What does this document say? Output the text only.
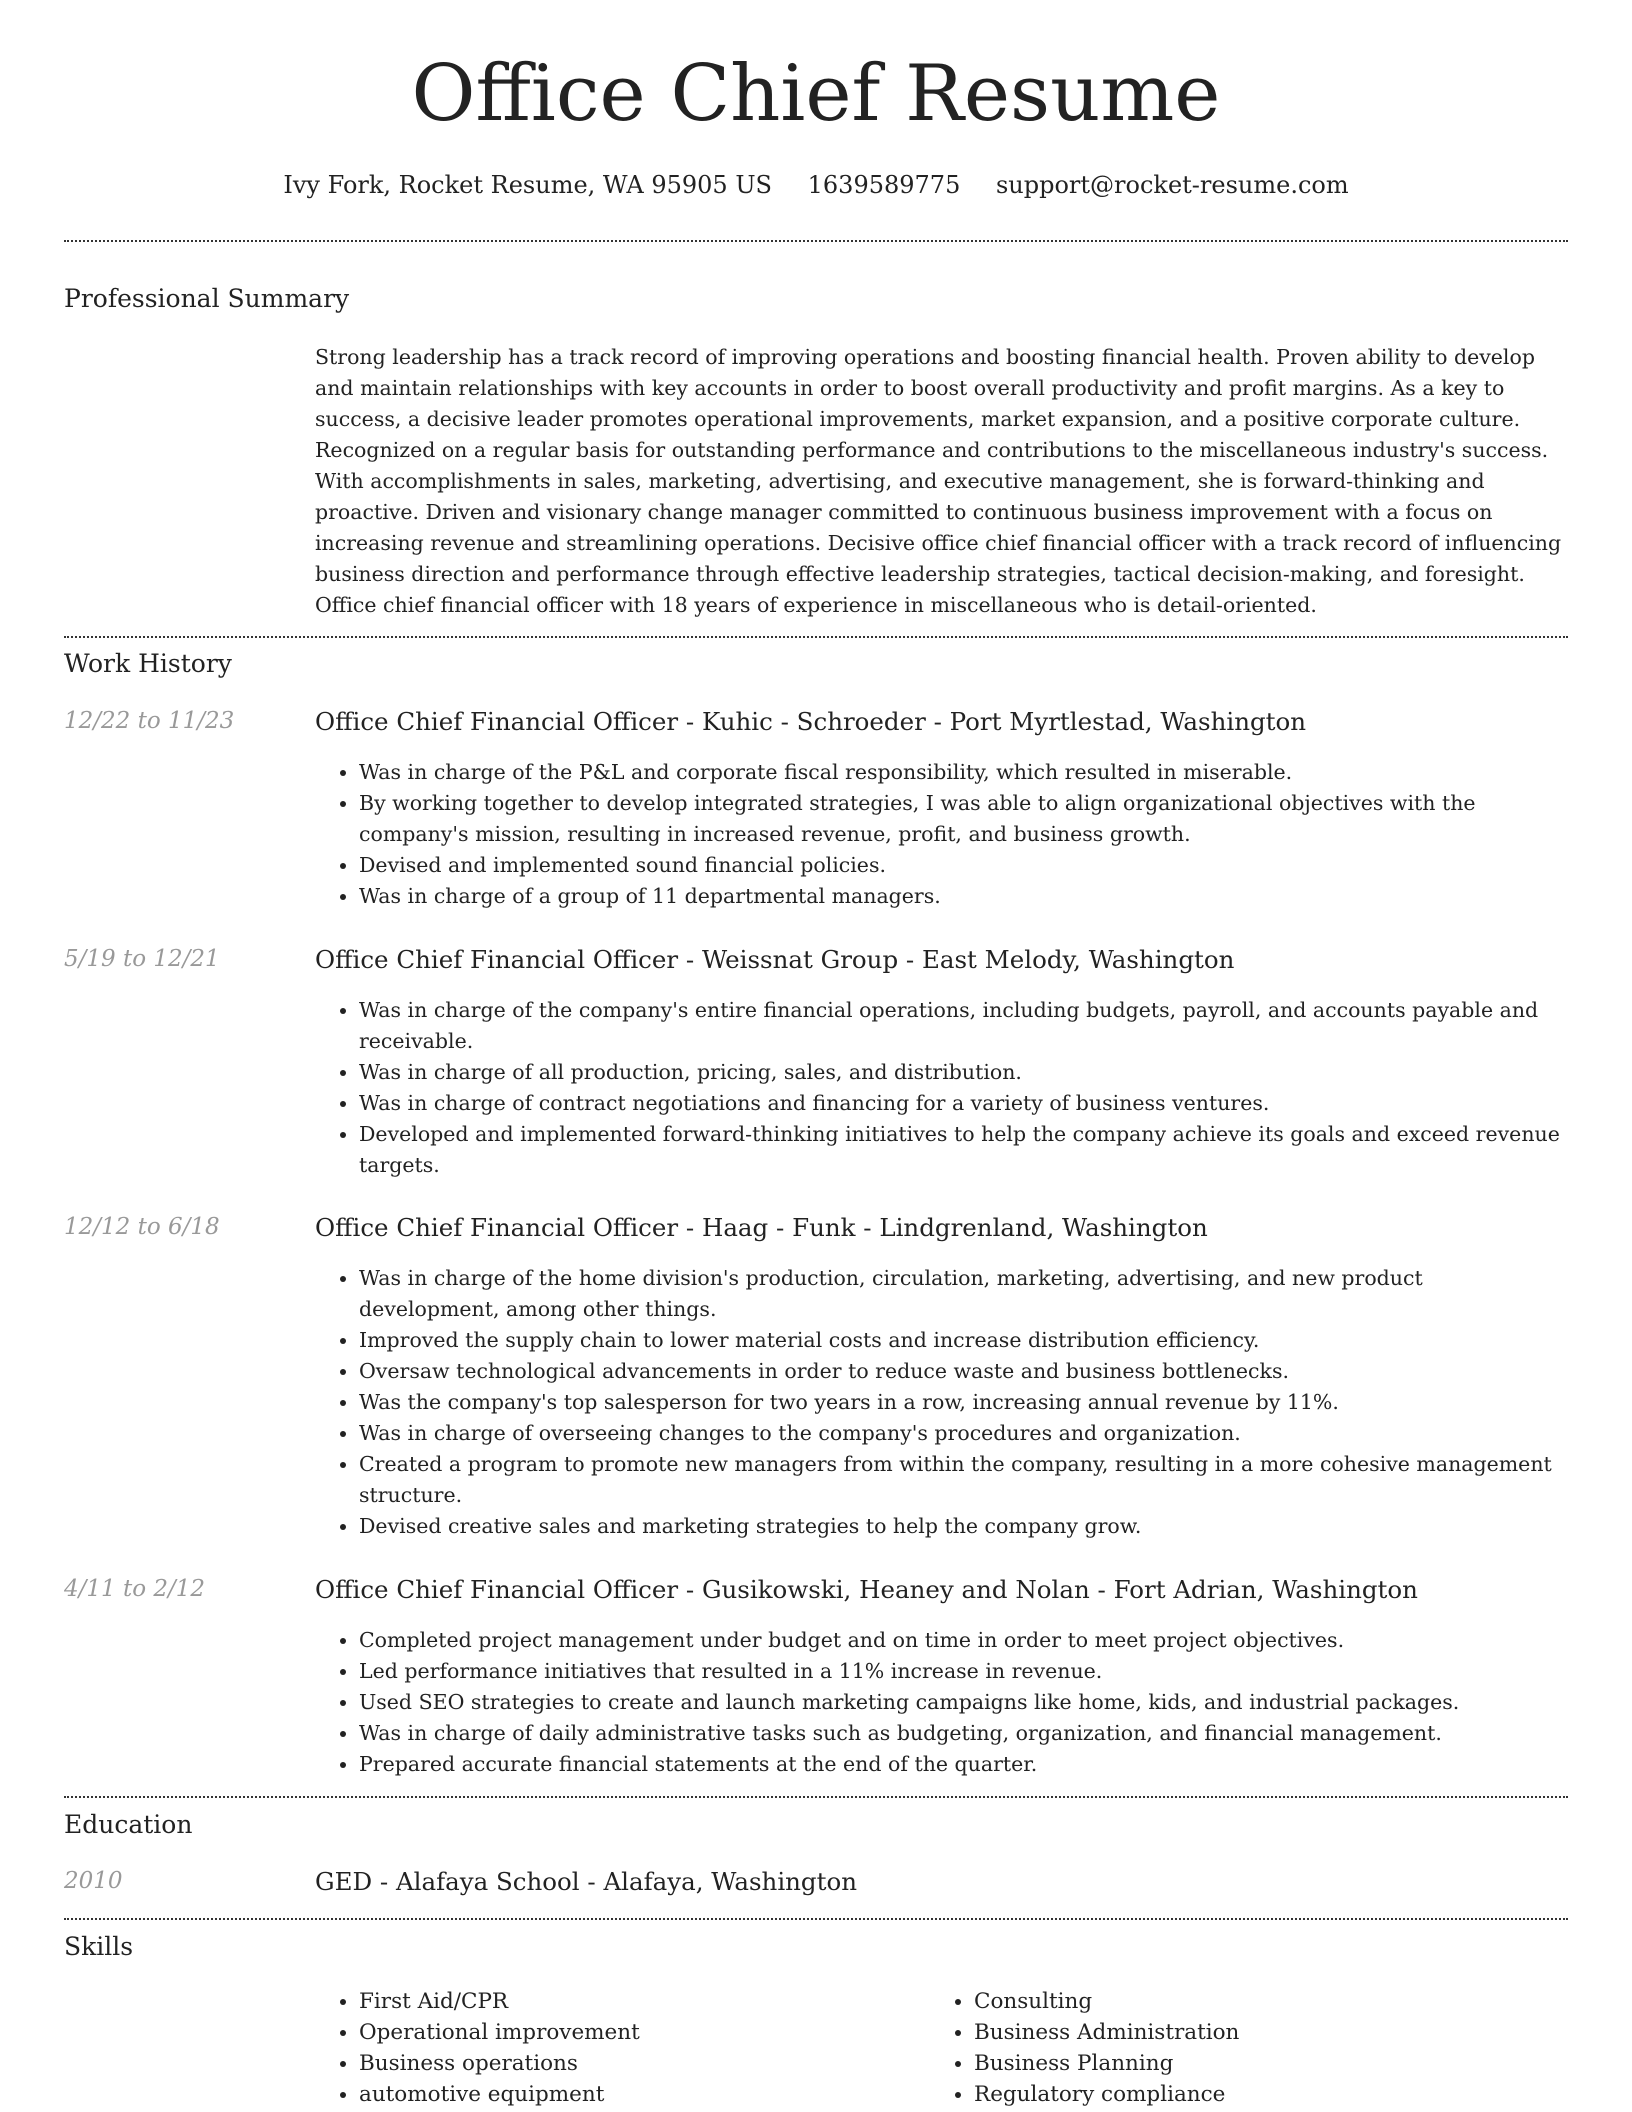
Office Chief Resume
Ivy Fork, Rocket Resume, WA 95905 US 1639589775 support@rocket-resume.com
Professional Summary

Strong leadership has a track record of improving operations and boosting financial health. Proven ability to develop and maintain relationships with key accounts in order to boost overall productivity and profit margins. As a key to success, a decisive leader promotes operational improvements, market expansion, and a positive corporate culture. Recognized on a regular basis for outstanding performance and contributions to the miscellaneous industry's success. With accomplishments in sales, marketing, advertising, and executive management, she is forward-thinking and proactive. Driven and visionary change manager committed to continuous business improvement with a focus on increasing revenue and streamlining operations. Decisive office chief financial officer with a track record of influencing business direction and performance through effective leadership strategies, tactical decision-making, and foresight. Office chief financial officer with 18 years of experience in miscellaneous who is detail-oriented.

Work History
12/22 to 11/23	Office Chief Financial Officer - Kuhic - Schroeder - Port Myrtlestad, Washington
• Was in charge of the P&L and corporate fiscal responsibility, which resulted in miserable.
• By working together to develop integrated strategies, I was able to align organizational objectives with the company's mission, resulting in increased revenue, profit, and business growth.
• Devised and implemented sound financial policies.
• Was in charge of a group of 11 departmental managers.
5/19 to 12/21	Office Chief Financial Officer - Weissnat Group - East Melody, Washington
• Was in charge of the company's entire financial operations, including budgets, payroll, and accounts payable and receivable.
• Was in charge of all production, pricing, sales, and distribution.
• Was in charge of contract negotiations and financing for a variety of business ventures.
• Developed and implemented forward-thinking initiatives to help the company achieve its goals and exceed revenue targets.
12/12 to 6/18	Office Chief Financial Officer - Haag - Funk - Lindgrenland, Washington
• Was in charge of the home division's production, circulation, marketing, advertising, and new product development, among other things.
• Improved the supply chain to lower material costs and increase distribution efficiency.
• Oversaw technological advancements in order to reduce waste and business bottlenecks.
• Was the company's top salesperson for two years in a row, increasing annual revenue by 11%.
• Was in charge of overseeing changes to the company's procedures and organization.
• Created a program to promote new managers from within the company, resulting in a more cohesive management structure.
• Devised creative sales and marketing strategies to help the company grow.
4/11 to 2/12	Office Chief Financial Officer - Gusikowski, Heaney and Nolan - Fort Adrian, Washington
• Completed project management under budget and on time in order to meet project objectives.
• Led performance initiatives that resulted in a 11% increase in revenue.
• Used SEO strategies to create and launch marketing campaigns like home, kids, and industrial packages.
• Was in charge of daily administrative tasks such as budgeting, organization, and financial management.
• Prepared accurate financial statements at the end of the quarter.
Education
2010	GED - Alafaya School - Alafaya, Washington
Skills
• First Aid/CPR
• Operational improvement
• Business operations
• automotive equipment
• Consulting
• Business Administration
• Business Planning
• Regulatory compliance
